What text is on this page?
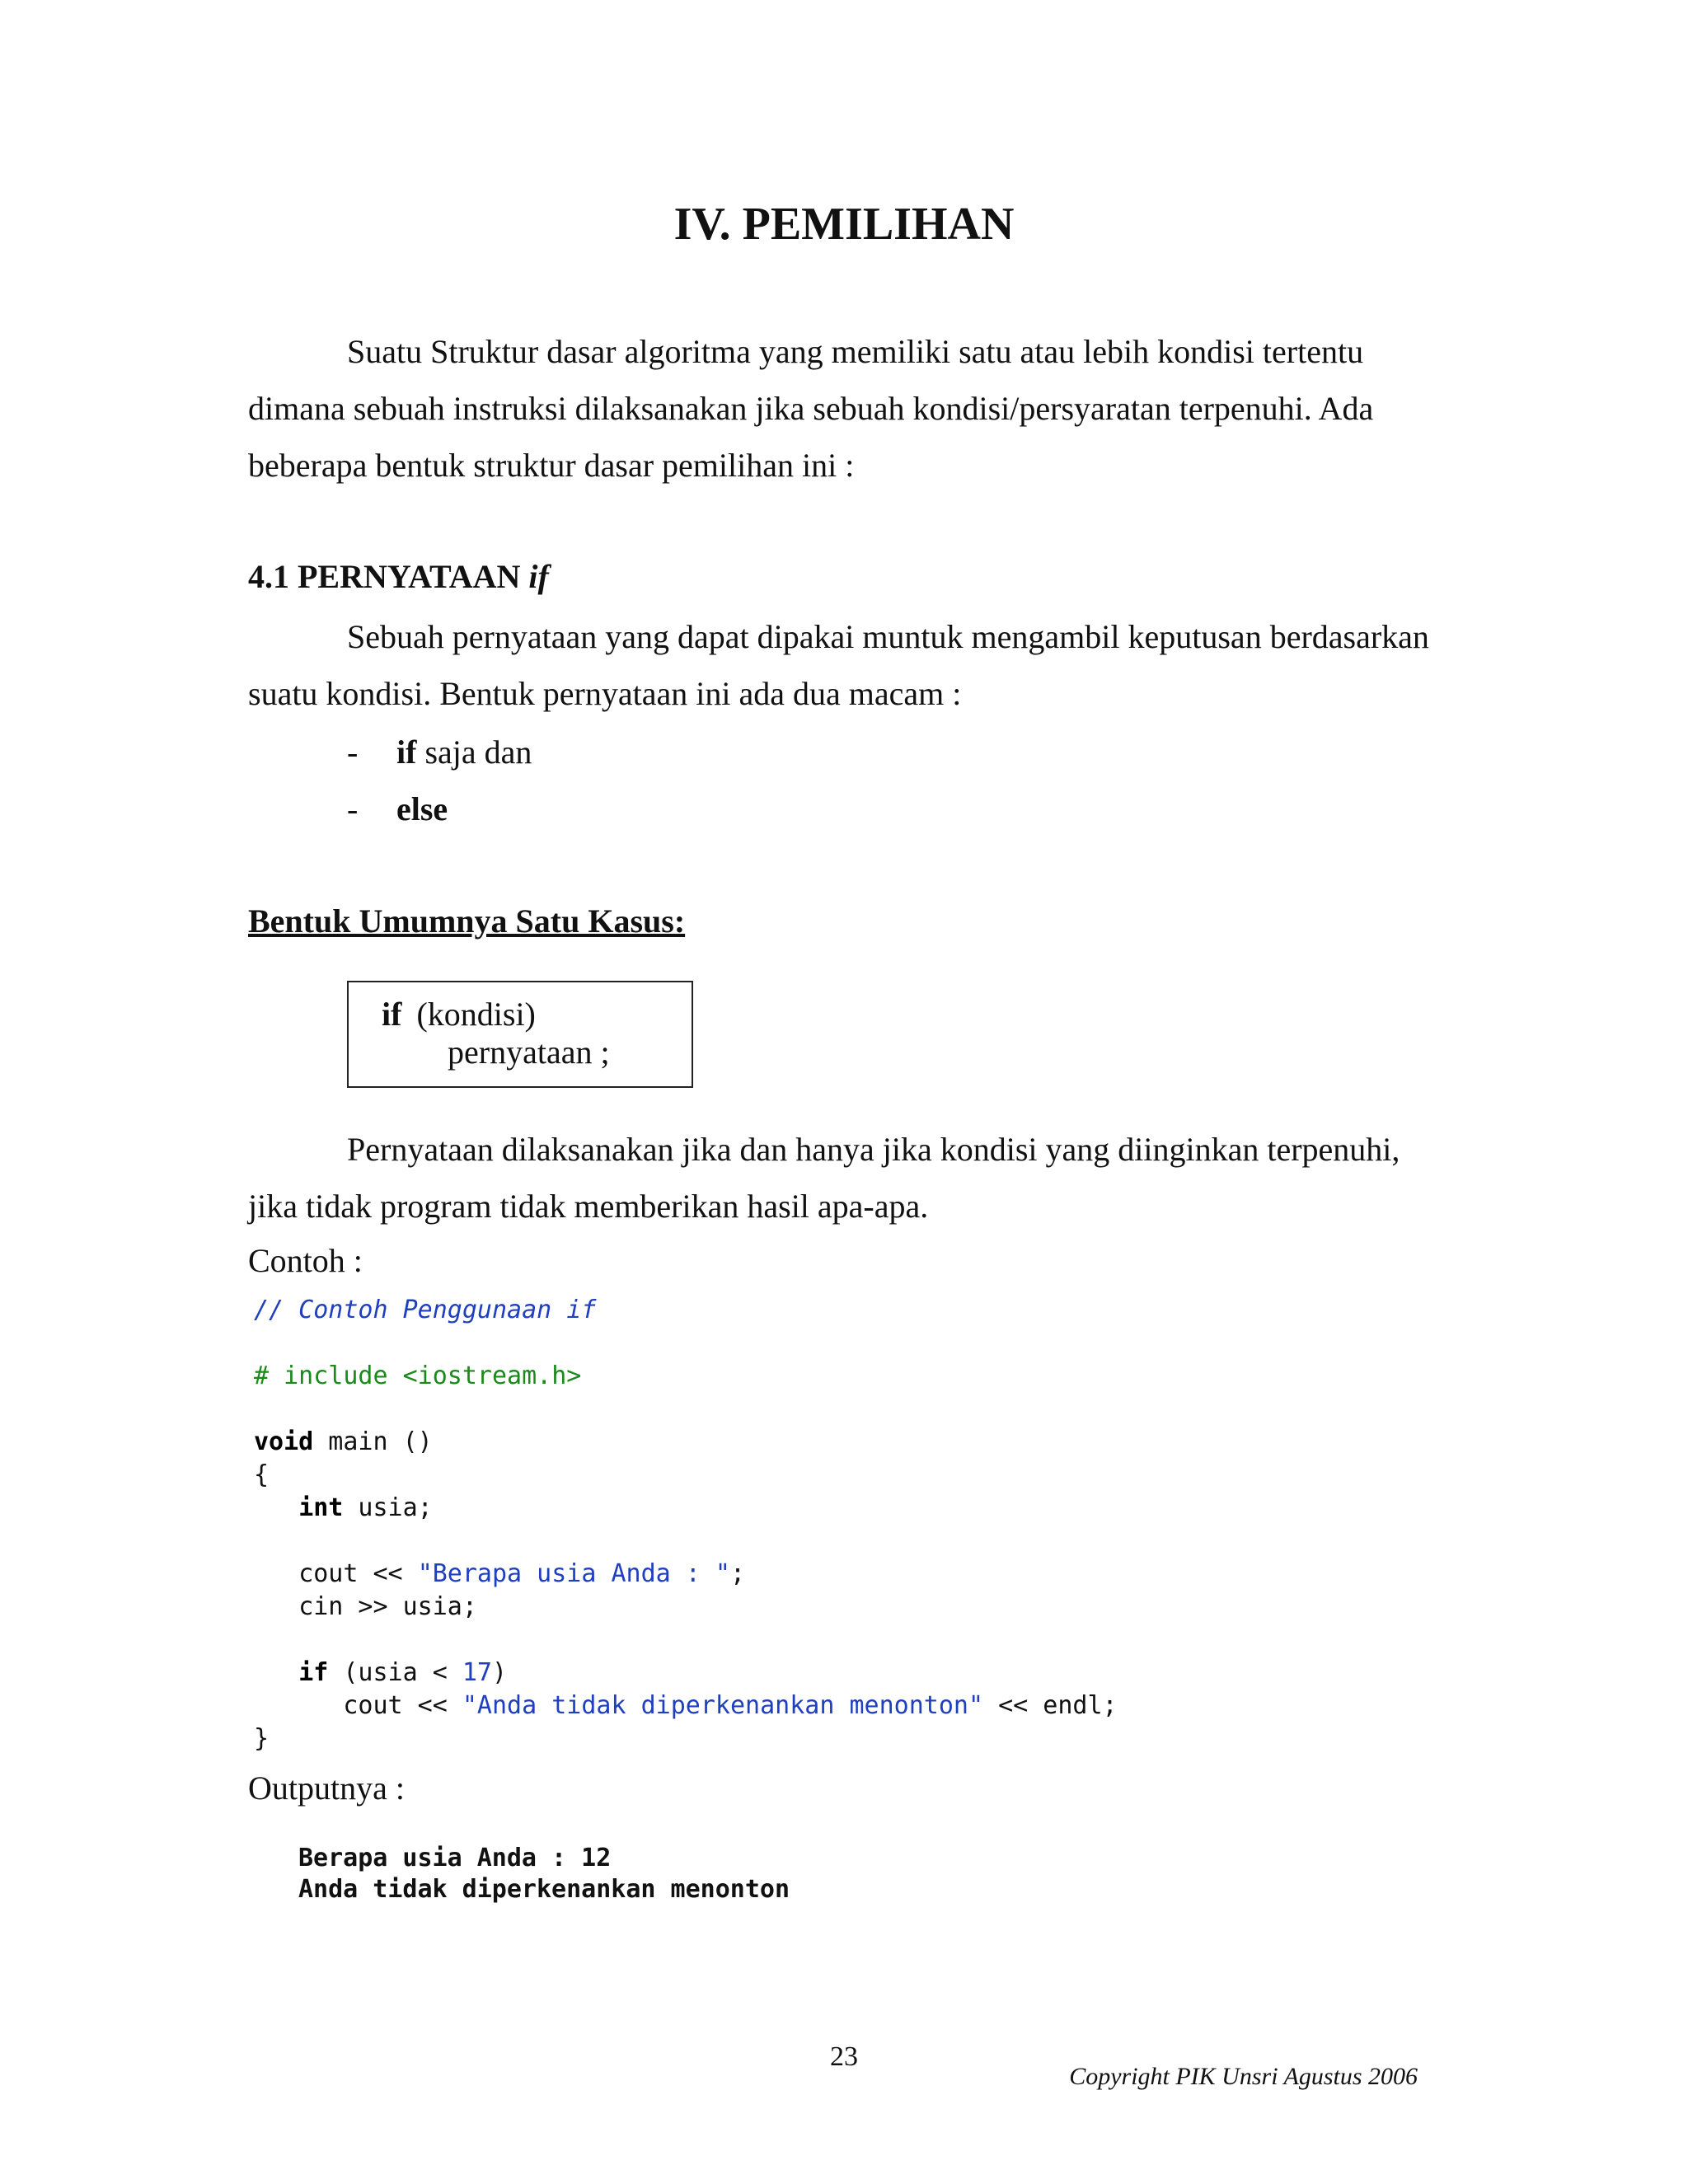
IV. PEMILIHAN

Suatu Struktur dasar algoritma yang memiliki satu atau lebih kondisi tertentu
dimana sebuah instruksi dilaksanakan jika sebuah kondisi/persyaratan terpenuhi. Ada
beberapa bentuk struktur dasar pemilihan ini :

4.1 PERNYATAAN if

Sebuah pernyataan yang dapat dipakai muntuk mengambil keputusan berdasarkan
suatu kondisi. Bentuk pernyataan ini ada dua macam :

-	if saja dan
-	else
Bentuk Umumnya Satu Kasus:
if (kondisi)
pernyataan ;

Pernyataan dilaksanakan jika dan hanya jika kondisi yang diinginkan terpenuhi,
jika tidak program tidak memberikan hasil apa-apa.

Contoh :

// Contoh Penggunaan if

# include <iostream.h>

void main ()
{
int usia;

cout << "Berapa usia Anda : ";
cin >> usia;

if (usia < 17)
cout << "Anda tidak diperkenankan menonton" << endl;
}

Outputnya :

Berapa usia Anda : 12
Anda tidak diperkenankan menonton

23

Copyright PIK Unsri Agustus 2006
